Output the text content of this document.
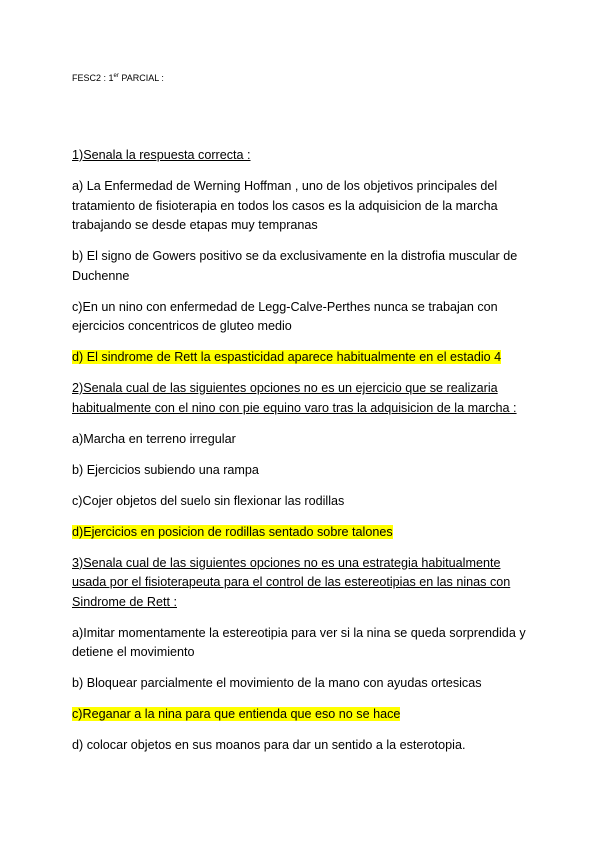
FESC2 : 1er PARCIAL :

1)Senala la respuesta correcta :

a) La Enfermedad de Werning Hoffman , uno de los objetivos principales del tratamiento de fisioterapia en todos los casos es la adquisicion de la marcha trabajando se desde etapas muy tempranas

b) El signo de Gowers positivo se da exclusivamente en la distrofia muscular de Duchenne

c)En un nino con enfermedad de Legg-Calve-Perthes nunca se trabajan con ejercicios concentricos de gluteo medio

d) El sindrome de Rett la espasticidad aparece habitualmente en el estadio 4

2)Senala cual de las siguientes opciones no es un ejercicio que se realizaria habitualmente con el nino con pie equino varo tras la adquisicion de la marcha :

a)Marcha en terreno irregular

b) Ejercicios subiendo una rampa

c)Cojer objetos del suelo sin flexionar las rodillas

d)Ejercicios en posicion de rodillas sentado sobre talones

3)Senala cual de las siguientes opciones no es una estrategia habitualmente usada por el fisioterapeuta para el control de las estereotipias en las ninas con Sindrome de Rett :

a)Imitar momentamente la estereotipia para ver si la nina se queda sorprendida y detiene el movimiento

b) Bloquear parcialmente el movimiento de la mano con ayudas ortesicas

c)Reganar a la nina para que entienda que eso no se hace

d) colocar objetos en sus moanos para dar un sentido a la esterotopia.
